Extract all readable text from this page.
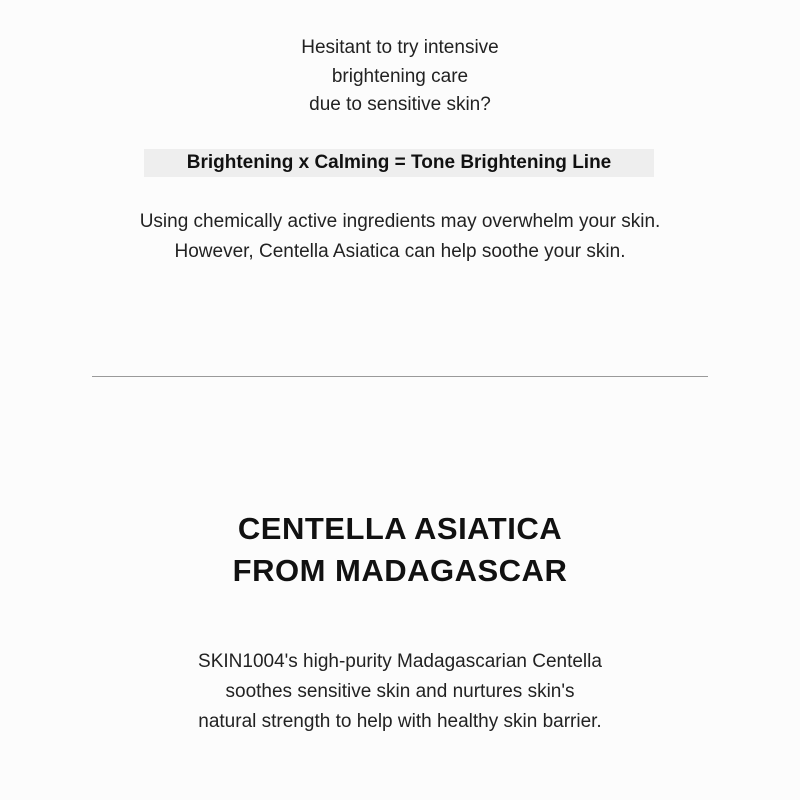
Hesitant to try intensive
brightening care
due to sensitive skin?
Brightening x Calming = Tone Brightening Line
Using chemically active ingredients may overwhelm your skin.
However, Centella Asiatica can help soothe your skin.
CENTELLA ASIATICA
FROM MADAGASCAR
SKIN1004's high-purity Madagascarian Centella
soothes sensitive skin and nurtures skin's
natural strength to help with healthy skin barrier.
